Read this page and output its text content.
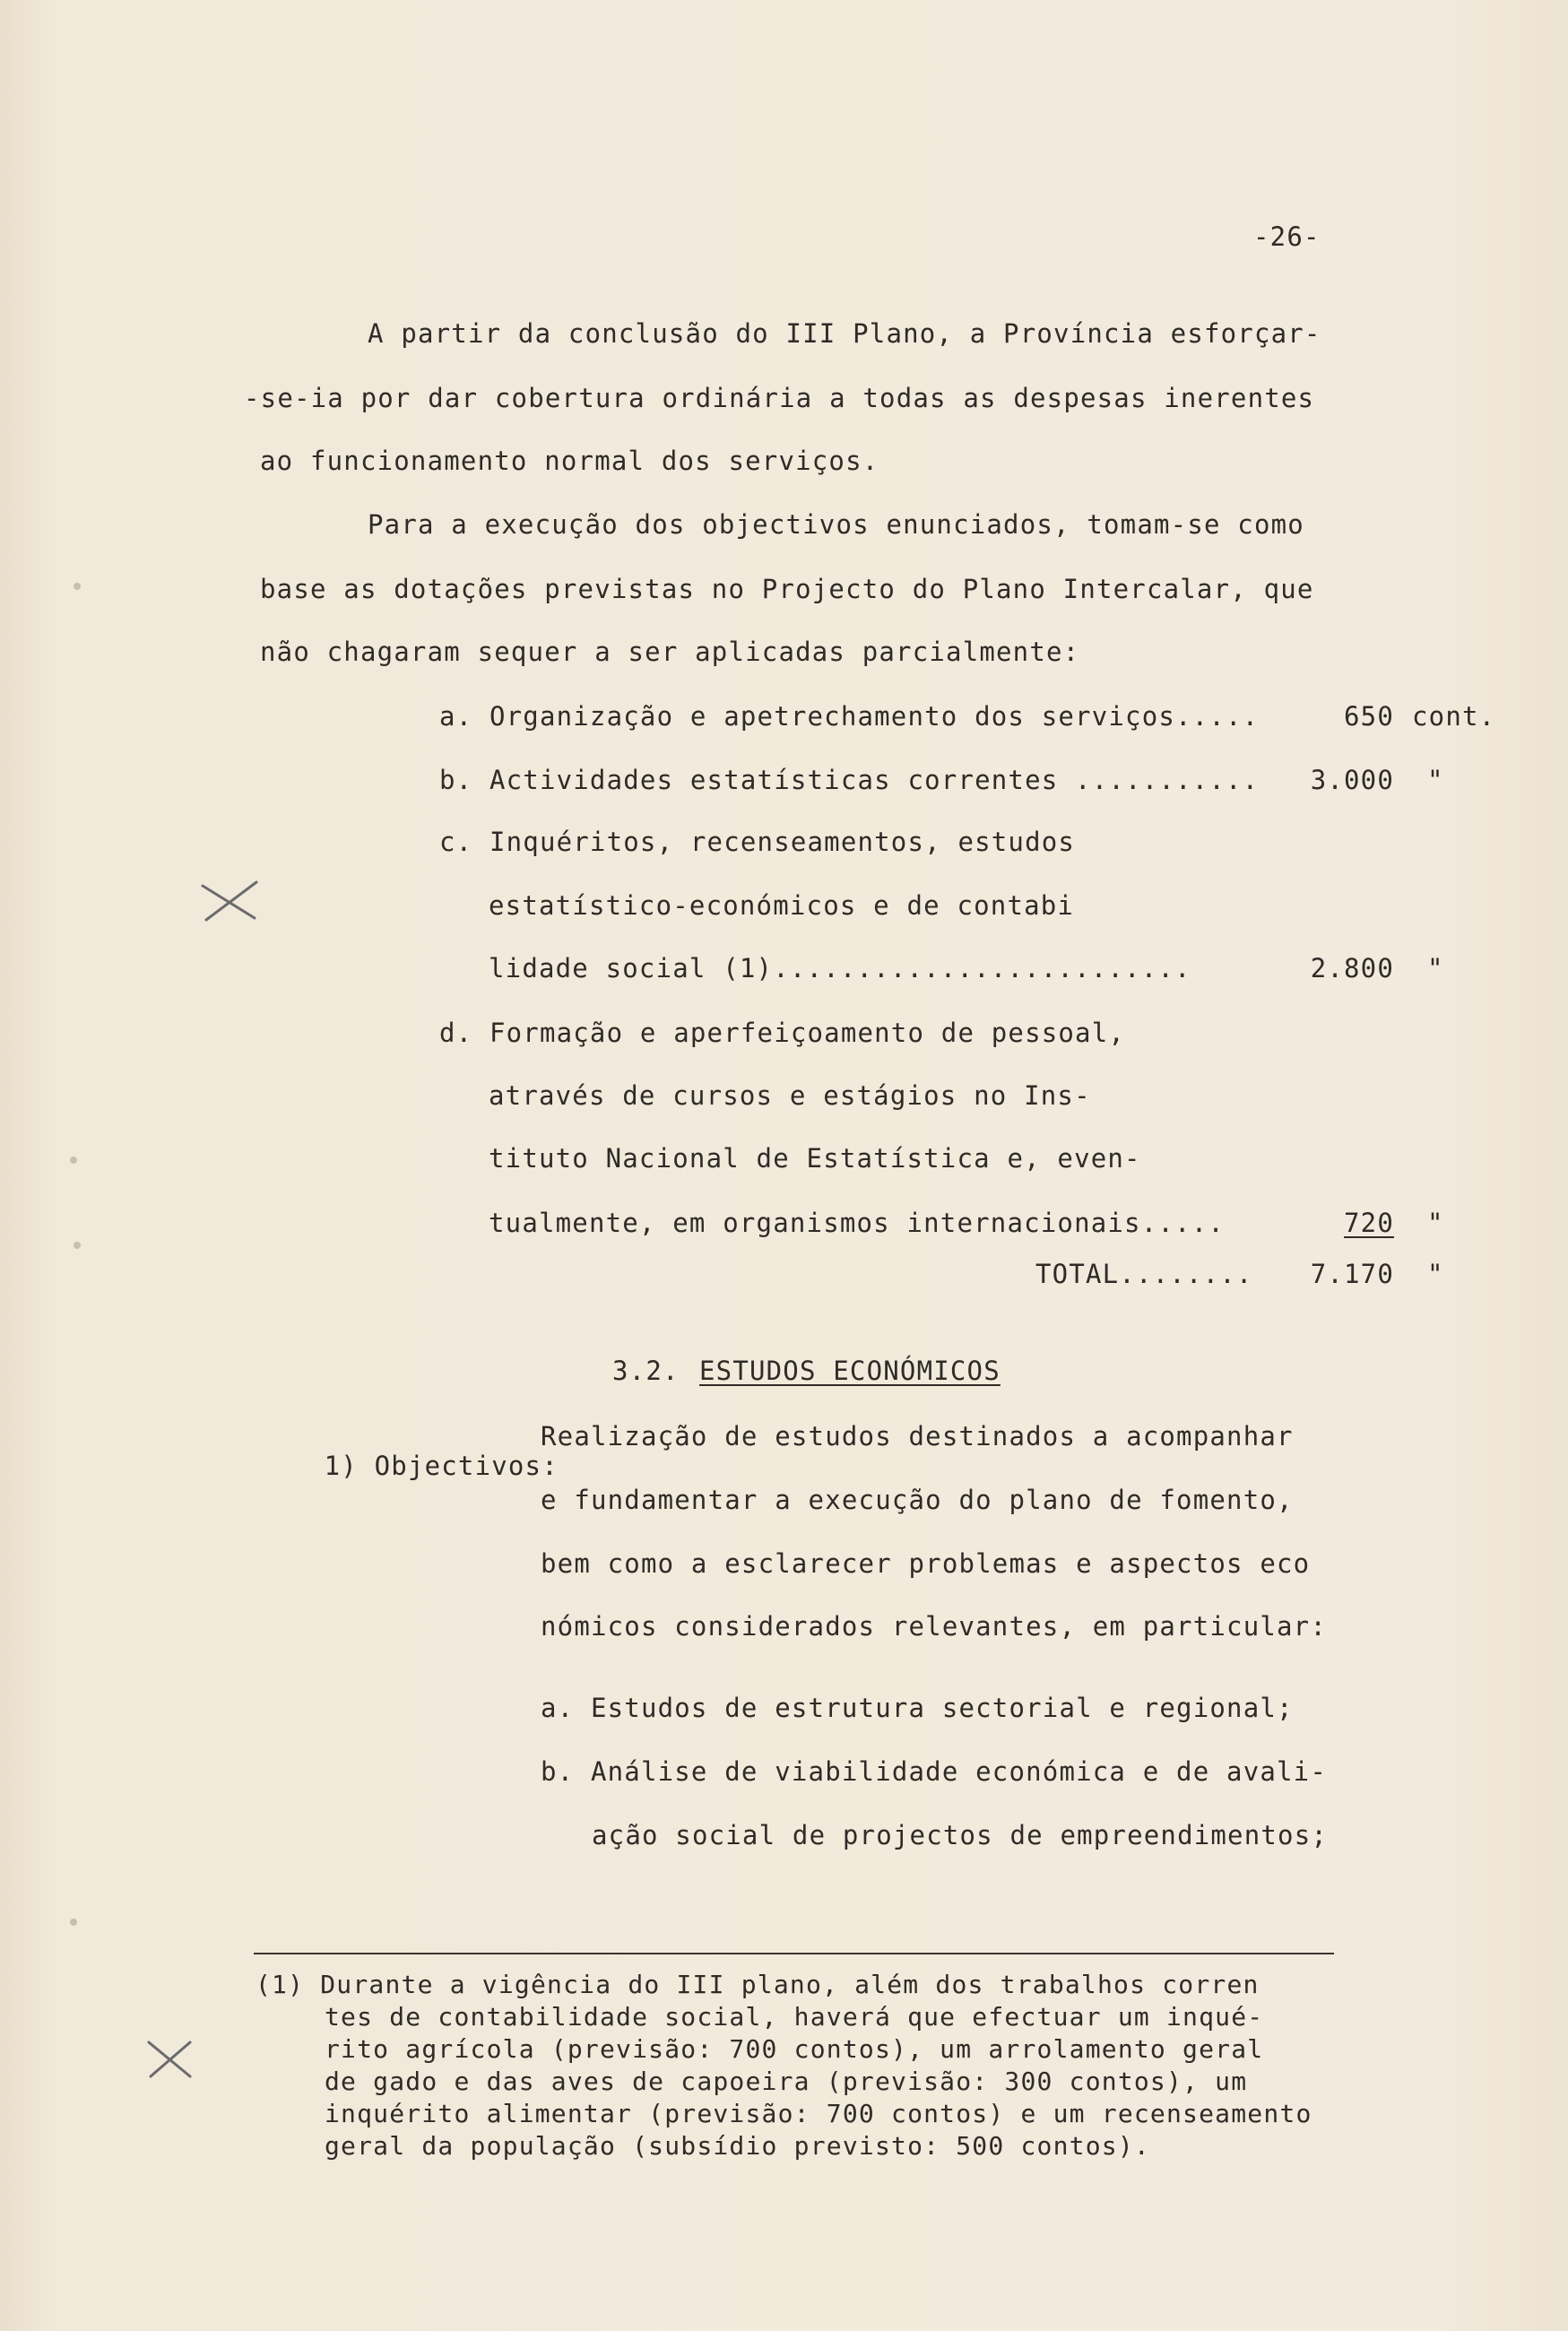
-26-
A partir da conclusão do III Plano, a Província esforçar-
-se-ia por dar cobertura ordinária a todas as despesas inerentes
ao funcionamento normal dos serviços.
Para a execução dos objectivos enunciados, tomam-se como
base as dotações previstas no Projecto do Plano Intercalar, que
não chagaram sequer a ser aplicadas parcialmente:
a. Organização e apetrechamento dos serviços.....	650 cont.
b. Actividades estatísticas correntes ...........	3.000 "
c. Inquéritos, recenseamentos, estudos
estatístico-económicos e de contabi
lidade social (1).........................	2.800 "
d. Formação e aperfeiçoamento de pessoal,
através de cursos e estágios no Ins-
tituto Nacional de Estatística e, even-
tualmente, em organismos internacionais.....	720 "
TOTAL........	7.170 "
3.2. ESTUDOS ECONÓMICOS

1) Objectivos:

Realização de estudos destinados a acompanhar
e fundamentar a execução do plano de fomento,
bem como a esclarecer problemas e aspectos eco
nómicos considerados relevantes, em particular:
a. Estudos de estrutura sectorial e regional;
b. Análise de viabilidade económica e de avali-
ação social de projectos de empreendimentos;
(1) Durante a vigência do III plano, além dos trabalhos corren
tes de contabilidade social, haverá que efectuar um inqué-
rito agrícola (previsão: 700 contos), um arrolamento geral
de gado e das aves de capoeira (previsão: 300 contos), um
inquérito alimentar (previsão: 700 contos) e um recenseamento
geral da população (subsídio previsto: 500 contos).
